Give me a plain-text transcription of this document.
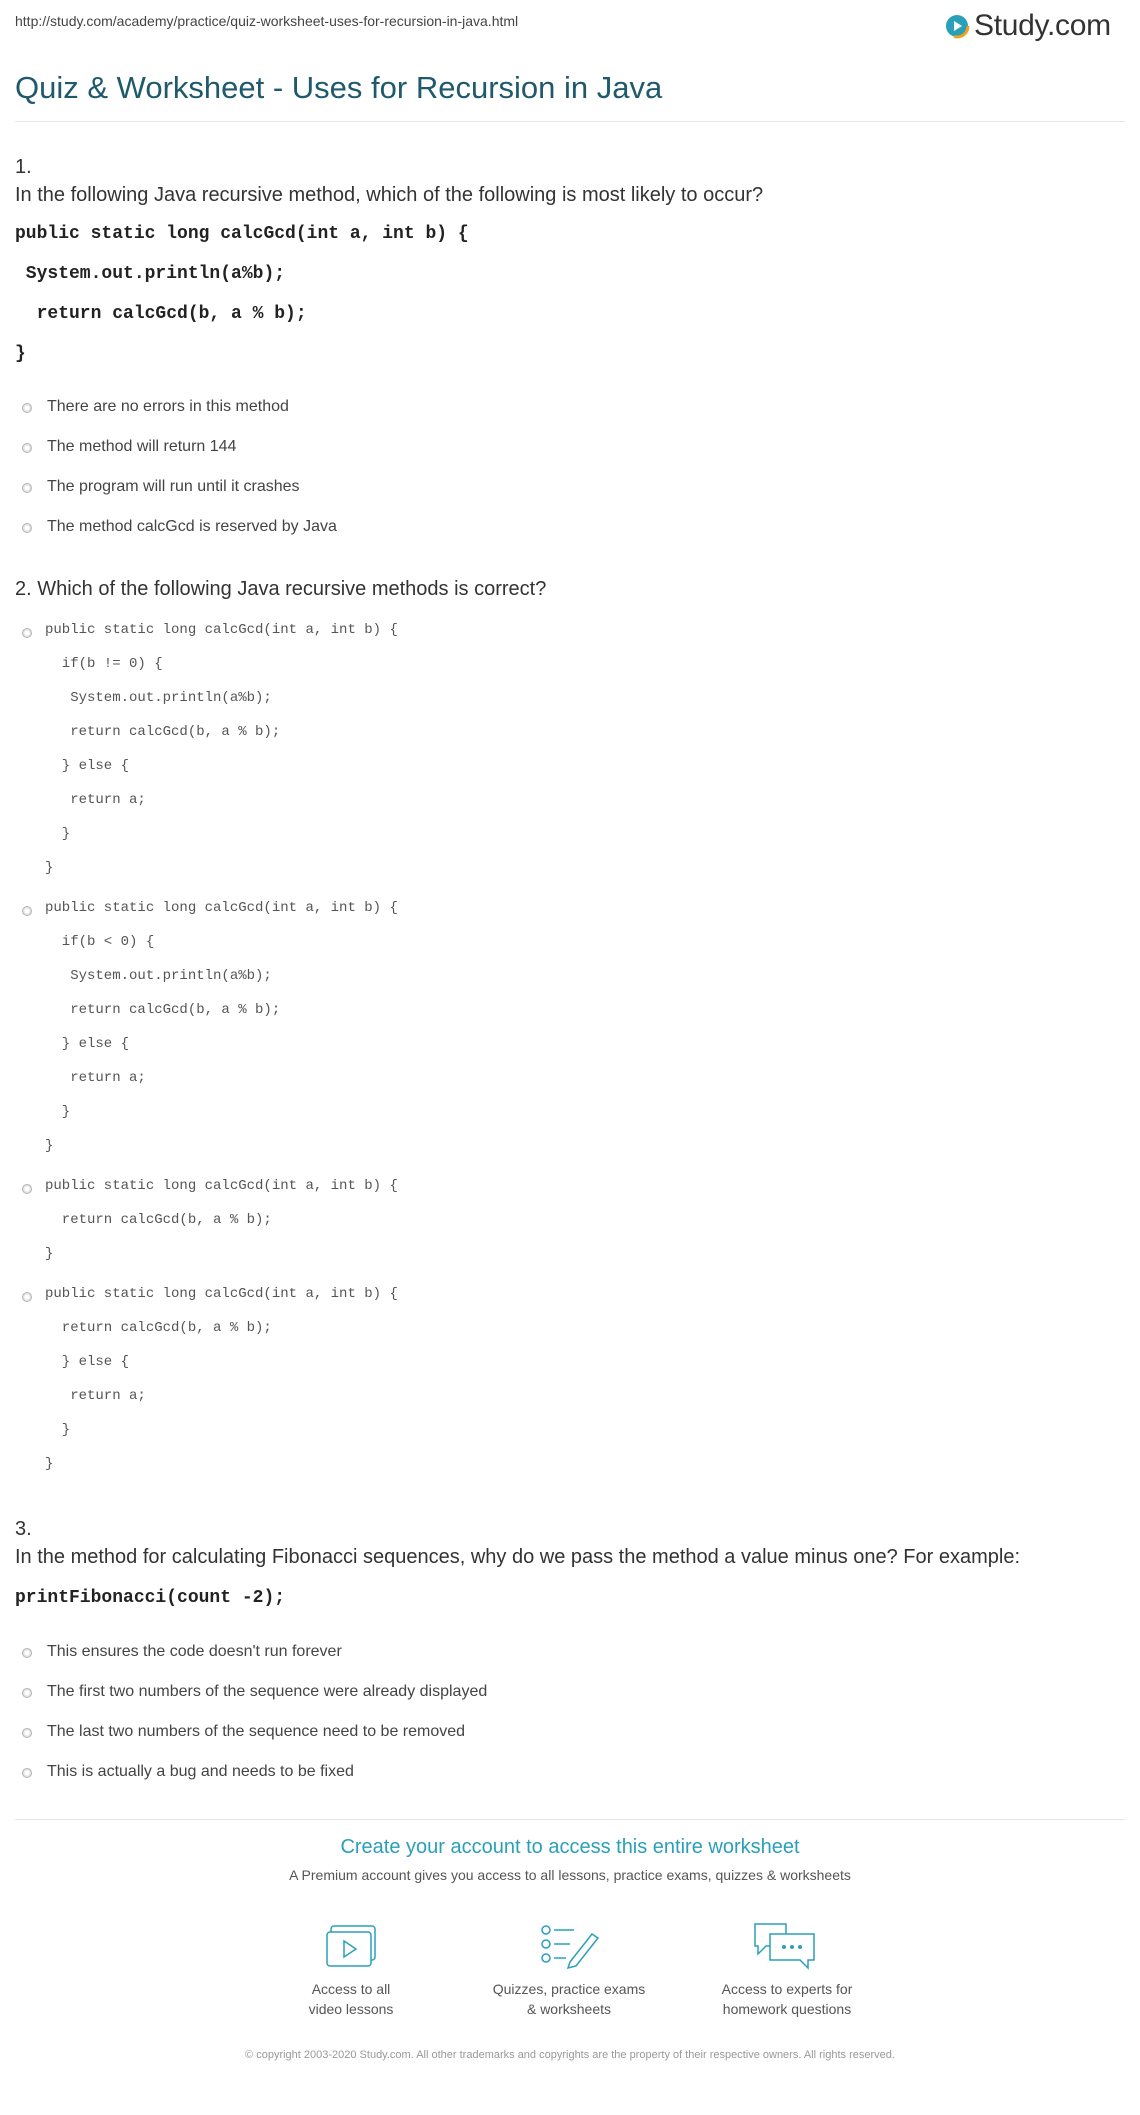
http://study.com/academy/practice/quiz-worksheet-uses-for-recursion-in-java.html	Study.com
Quiz & Worksheet - Uses for Recursion in Java
1.
In the following Java recursive method, which of the following is most likely to occur?
public static long calcGcd(int a, int b) {
System.out.println(a%b);
return calcGcd(b, a % b);
}
There are no errors in this method
The method will return 144
The program will run until it crashes
The method calcGcd is reserved by Java
2. Which of the following Java recursive methods is correct?
public static long calcGcd(int a, int b) {
if(b != 0) {
System.out.println(a%b);
return calcGcd(b, a % b);
} else {
return a;
}
}
public static long calcGcd(int a, int b) {
if(b < 0) {
System.out.println(a%b);
return calcGcd(b, a % b);
} else {
return a;
}
}
public static long calcGcd(int a, int b) {
return calcGcd(b, a % b);
}
public static long calcGcd(int a, int b) {
return calcGcd(b, a % b);
} else {
return a;
}
}
3.
In the method for calculating Fibonacci sequences, why do we pass the method a value minus one? For example:
printFibonacci(count -2);
This ensures the code doesn't run forever
The first two numbers of the sequence were already displayed
The last two numbers of the sequence need to be removed
This is actually a bug and needs to be fixed
Create your account to access this entire worksheet
A Premium account gives you access to all lessons, practice exams, quizzes & worksheets
Access to all
video lessons
Quizzes, practice exams
& worksheets
Access to experts for
homework questions
© copyright 2003-2020 Study.com. All other trademarks and copyrights are the property of their respective owners. All rights reserved.
